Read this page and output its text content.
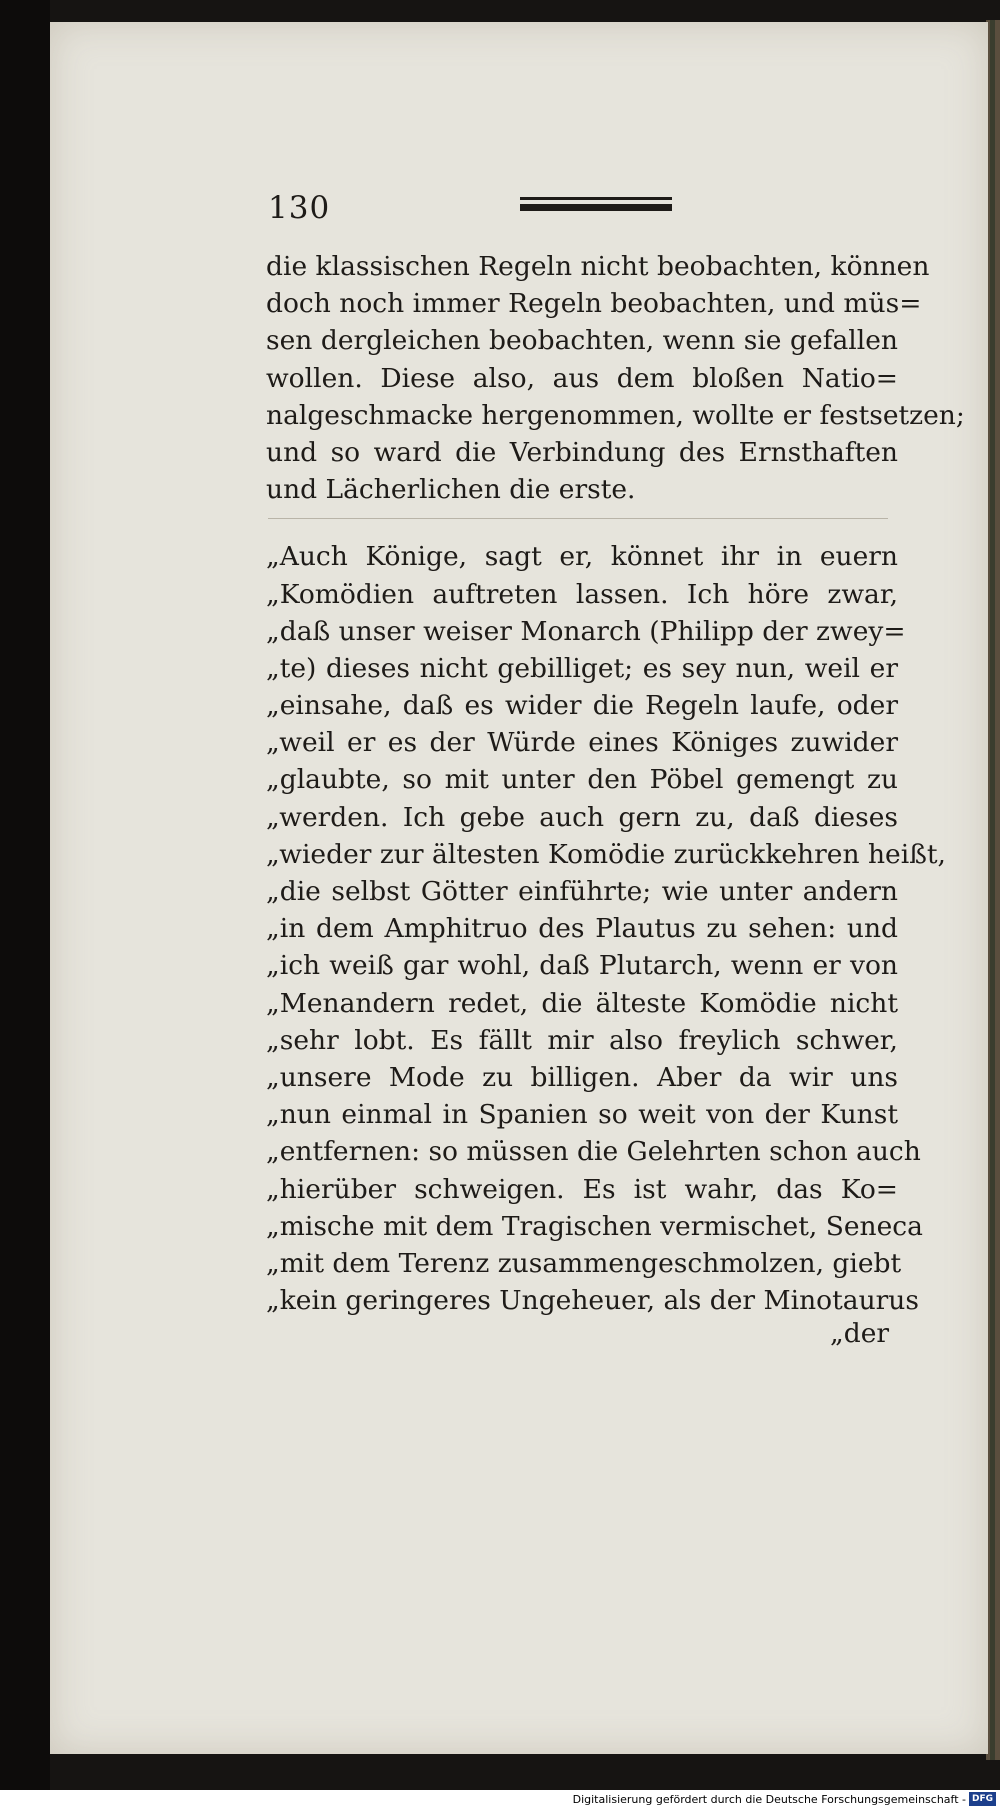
130
die klassischen Regeln nicht beobachten, können
doch noch immer Regeln beobachten, und müs=
sen dergleichen beobachten, wenn sie gefallen
wollen. Diese also, aus dem bloßen Natio=
nalgeschmacke hergenommen, wollte er festsetzen;
und so ward die Verbindung des Ernsthaften
und Lächerlichen die erste.
„Auch Könige, sagt er, könnet ihr in euern
„Komödien auftreten lassen. Ich höre zwar,
„daß unser weiser Monarch (Philipp der zwey=
„te) dieses nicht gebilliget; es sey nun, weil er
„einsahe, daß es wider die Regeln laufe, oder
„weil er es der Würde eines Königes zuwider
„glaubte, so mit unter den Pöbel gemengt zu
„werden. Ich gebe auch gern zu, daß dieses
„wieder zur ältesten Komödie zurückkehren heißt,
„die selbst Götter einführte; wie unter andern
„in dem Amphitruo des Plautus zu sehen: und
„ich weiß gar wohl, daß Plutarch, wenn er von
„Menandern redet, die älteste Komödie nicht
„sehr lobt. Es fällt mir also freylich schwer,
„unsere Mode zu billigen. Aber da wir uns
„nun einmal in Spanien so weit von der Kunst
„entfernen: so müssen die Gelehrten schon auch
„hierüber schweigen. Es ist wahr, das Ko=
„mische mit dem Tragischen vermischet, Seneca
„mit dem Terenz zusammengeschmolzen, giebt
„kein geringeres Ungeheuer, als der Minotaurus
„der
Digitalisierung gefördert durch die Deutsche Forschungsgemeinschaft - DFG
